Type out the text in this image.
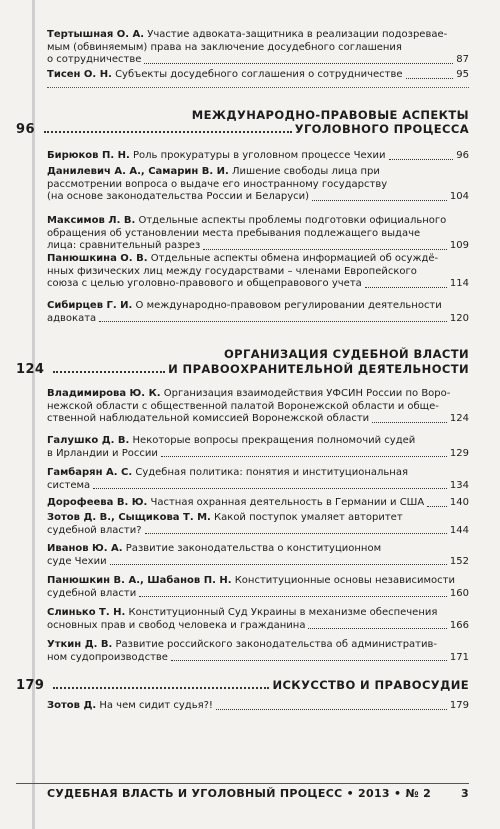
Тертышная О. А.
Участие адвоката-защитника в реализации подозревае-
мым (обвиняемым) права на заключение досудебного соглашения
о сотрудничестве	87
Тисен О. Н.
Субъекты досудебного соглашения о сотрудничестве	95
МЕЖДУНАРОДНО-ПРАВОВЫЕ АСПЕКТЫ
96	УГОЛОВНОГО ПРОЦЕССА
Бирюков П. Н.
Роль прокуратуры в уголовном процессе Чехии	96
Данилевич А. А., Самарин В. И.
Лишение свободы лица при
рассмотрении вопроса о выдаче его иностранному государству
(на основе законодательства России и Беларуси)	104
Максимов Л. В.
Отдельные аспекты проблемы подготовки официального
обращения об установлении места пребывания подлежащего выдаче
лица: сравнительный разрез	109
Панюшкина О. В.
Отдельные аспекты обмена информацией об осуждё-
нных физических лиц между государствами – членами Европейского
союза с целью уголовно-правового и общеправового учета	114
Сибирцев Г. И.
О международно-правовом регулировании деятельности
адвоката	120
ОРГАНИЗАЦИЯ СУДЕБНОЙ ВЛАСТИ
124	И ПРАВООХРАНИТЕЛЬНОЙ ДЕЯТЕЛЬНОСТИ
Владимирова Ю. К.
Организация взаимодействия УФСИН России по Воро-
нежской области с общественной палатой Воронежской области и обще-
ственной наблюдательной комиссией Воронежской области	124
Галушко Д. В.
Некоторые вопросы прекращения полномочий судей
в Ирландии и России	129
Гамбарян А. С.
Судебная политика: понятия и институциональная
система	134
Дорофеева В. Ю.
Частная охранная деятельность в Германии и США	140
Зотов Д. В., Сыщикова Т. М.
Какой поступок умаляет авторитет
судебной власти?	144
Иванов Ю. А.
Развитие законодательства о конституционном
суде Чехии	152
Панюшкин В. А., Шабанов П. Н.
Конституционные основы независимости
судебной власти	160
Слинько Т. Н.
Конституционный Суд Украины в механизме обеспечения
основных прав и свобод человека и гражданина	166
Уткин Д. В.
Развитие российского законодательства об административ-
ном судопроизводстве	171
179	ИСКУССТВО И ПРАВОСУДИЕ
Зотов Д.
На чем сидит судья?!	179
СУДЕБНАЯ ВЛАСТЬ И УГОЛОВНЫЙ ПРОЦЕСС • 2013 • № 2	3
